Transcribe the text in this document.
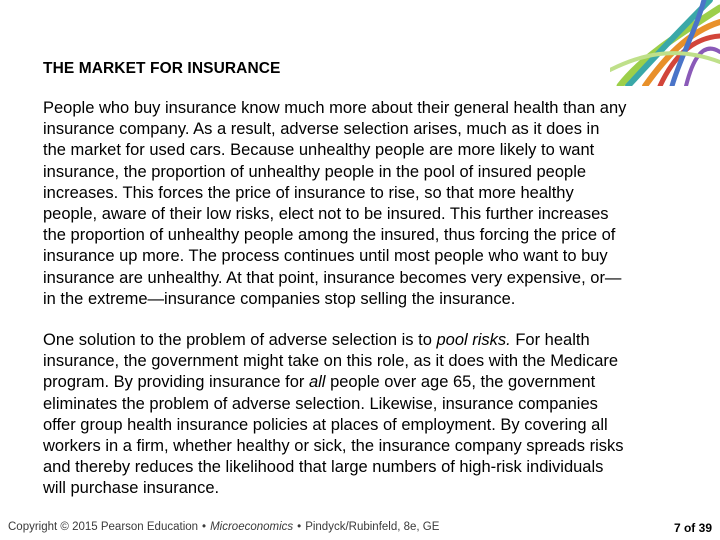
THE MARKET FOR INSURANCE

People who buy insurance know much more about their general health than any
insurance company. As a result, adverse selection arises, much as it does in
the market for used cars. Because unhealthy people are more likely to want
insurance, the proportion of unhealthy people in the pool of insured people
increases. This forces the price of insurance to rise, so that more healthy
people, aware of their low risks, elect not to be insured. This further increases
the proportion of unhealthy people among the insured, thus forcing the price of
insurance up more. The process continues until most people who want to buy
insurance are unhealthy. At that point, insurance becomes very expensive, or—
in the extreme—insurance companies stop selling the insurance.

One solution to the problem of adverse selection is to pool risks. For health
insurance, the government might take on this role, as it does with the Medicare
program. By providing insurance for all people over age 65, the government
eliminates the problem of adverse selection. Likewise, insurance companies
offer group health insurance policies at places of employment. By covering all
workers in a firm, whether healthy or sick, the insurance company spreads risks
and thereby reduces the likelihood that large numbers of high-risk individuals
will purchase insurance.

Copyright © 2015 Pearson Education • Microeconomics • Pindyck/Rubinfeld, 8e, GE	7 of 39
